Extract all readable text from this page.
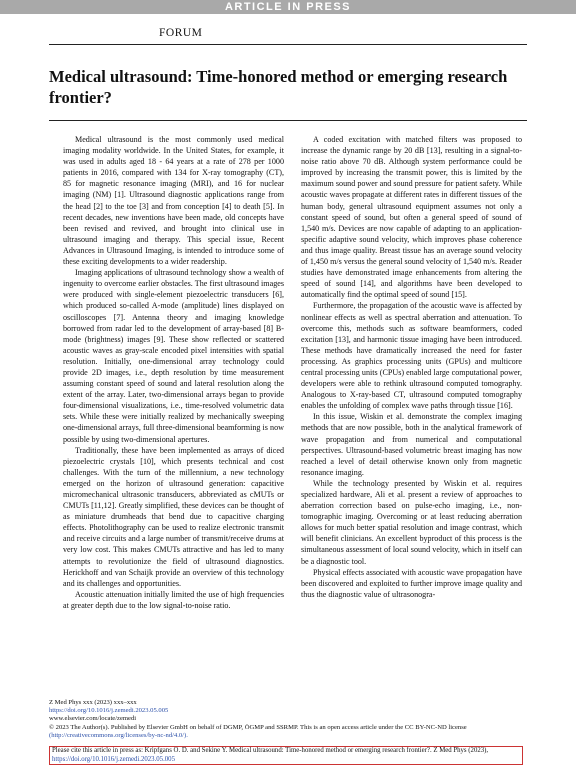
ARTICLE IN PRESS
FORUM
Medical ultrasound: Time-honored method or emerging research frontier?

Medical ultrasound is the most commonly used medical imaging modality worldwide. In the United States, for example, it was used in adults aged 18 - 64 years at a rate of 278 per 1000 patients in 2016, compared with 134 for X-ray tomography (CT), 85 for magnetic resonance imaging (MRI), and 16 for nuclear imaging (NM) [1]. Ultrasound diagnostic applications range from the head [2] to the toe [3] and from conception [4] to death [5]. In recent decades, new inventions have been made, old concepts have been revised and revived, and brought into clinical use in ultrasound imaging and therapy. This special issue, Recent Advances in Ultrasound Imaging, is intended to introduce some of these exciting developments to a wider readership.

Imaging applications of ultrasound technology show a wealth of ingenuity to overcome earlier obstacles. The first ultrasound images were produced with single-element piezoelectric transducers [6], which produced so-called A-mode (amplitude) lines displayed on oscilloscopes [7]. Antenna theory and imaging knowledge borrowed from radar led to the development of array-based [8] B-mode (brightness) images [9]. These show reflected or scattered acoustic waves as gray-scale encoded pixel intensities with spatial resolution. Initially, one-dimensional array technology could provide 2D images, i.e., depth resolution by time measurement assuming constant speed of sound and lateral resolution along the extent of the array. Later, two-dimensional arrays began to provide four-dimensional visualizations, i.e., time-resolved volumetric data sets. While these were initially realized by mechanically sweeping one-dimensional arrays, full three-dimensional beamforming is now possible by using two-dimensional apertures.

Traditionally, these have been implemented as arrays of diced piezoelectric crystals [10], which presents technical and cost challenges. With the turn of the millennium, a new technology emerged on the horizon of ultrasound generation: capacitive micromechanical ultrasonic transducers, abbreviated as cMUTs or CMUTs [11,12]. Greatly simplified, these devices can be thought of as miniature drumheads that bend due to capacitive charging effects. Photolithography can be used to realize electronic transmit and receive circuits and a large number of transmit/receive drums at very low cost. This makes CMUTs attractive and has led to many attempts to revolutionize the field of ultrasound diagnostics. Herickhoff and van Schaijk provide an overview of this technology and its challenges and opportunities.

Acoustic attenuation initially limited the use of high frequencies at greater depth due to the low signal-to-noise ratio.

A coded excitation with matched filters was proposed to increase the dynamic range by 20 dB [13], resulting in a signal-to-noise ratio above 70 dB. Although system performance could be improved by increasing the transmit power, this is limited by the maximum sound power and sound pressure for patient safety. While acoustic waves propagate at different rates in different tissues of the human body, general ultrasound equipment assumes not only a constant speed of sound, but often a general speed of sound of 1,540 m/s. Devices are now capable of adapting to an application-specific adaptive sound velocity, which improves phase coherence and thus image quality. Breast tissue has an average sound velocity of 1,450 m/s versus the general sound velocity of 1,540 m/s. Reader studies have demonstrated image enhancements from altering the speed of sound [14], and algorithms have been developed to automatically find the optimal speed of sound [15].

Furthermore, the propagation of the acoustic wave is affected by nonlinear effects as well as spectral aberration and attenuation. To overcome this, methods such as software beamformers, coded excitation [13], and harmonic tissue imaging have been introduced. These methods have dramatically increased the need for faster processing. As graphics processing units (GPUs) and multicore central processing units (CPUs) enabled large computational power, developers were able to rethink ultrasound computed tomography. Analogous to X-ray-based CT, ultrasound computed tomography enables the unfolding of complex wave paths through tissue [16].

In this issue, Wiskin et al. demonstrate the complex imaging methods that are now possible, both in the analytical framework of wave propagation and from numerical and computational perspectives. Ultrasound-based volumetric breast imaging has now reached a level of detail otherwise known only from magnetic resonance imaging.

While the technology presented by Wiskin et al. requires specialized hardware, Ali et al. present a review of approaches to aberration correction based on pulse-echo imaging, i.e., non-tomographic imaging. Overcoming or at least reducing aberration allows for much better spatial resolution and image contrast, which will benefit clinicians. An excellent byproduct of this process is the simultaneous assessment of local sound velocity, which in itself can be a diagnostic tool.

Physical effects associated with acoustic wave propagation have been discovered and exploited to further improve image quality and thus the diagnostic value of ultrasonogra-

Z Med Phys xxx (2023) xxx–xxx
https://doi.org/10.1016/j.zemedi.2023.05.005
www.elsevier.com/locate/zemedi
© 2023 The Author(s). Published by Elsevier GmbH on behalf of DGMP, ÖGMP and SSRMP. This is an open access article under the CC BY-NC-ND license
(http://creativecommons.org/licenses/by-nc-nd/4.0/).
Please cite this article in press as: Kripfgans O. D. and Sekine Y. Medical ultrasound: Time-honored method or emerging research frontier?. Z Med Phys (2023), https://doi.org/10.1016/j.zemedi.2023.05.005
